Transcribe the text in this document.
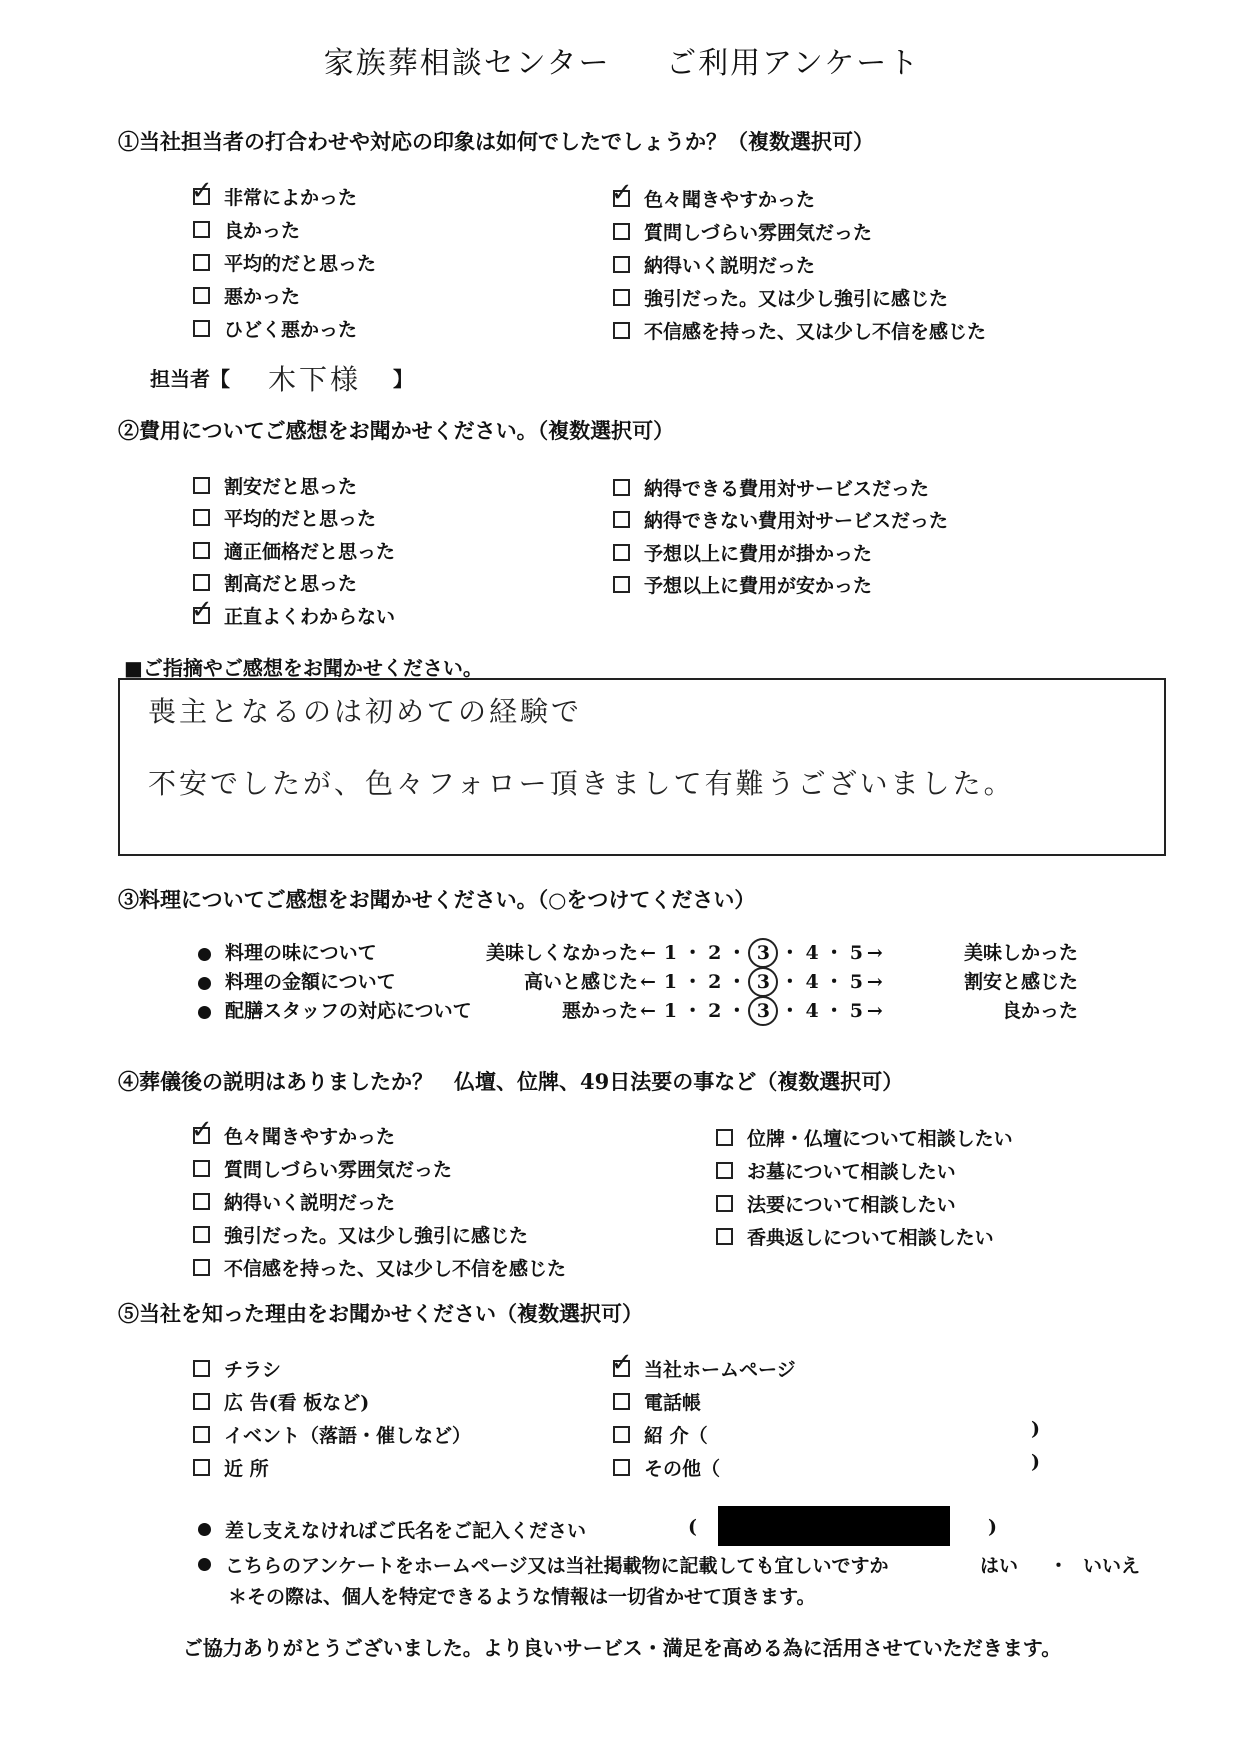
家族葬相談センター ご利用アンケート
①当社担当者の打合わせや対応の印象は如何でしたでしょうか？（複数選択可）
✓ 非常によかった
良かった
平均的だと思った
悪かった
ひどく悪かった
✓ 色々聞きやすかった
質問しづらい雰囲気だった
納得いく説明だった
強引だった。又は少し強引に感じた
不信感を持った、又は少し不信を感じた
担当者【 木下様 】
②費用についてご感想をお聞かせください。（複数選択可）
割安だと思った
平均的だと思った
適正価格だと思った
割高だと思った
✓ 正直よくわからない
納得できる費用対サービスだった
納得できない費用対サービスだった
予想以上に費用が掛かった
予想以上に費用が安かった
■ご指摘やご感想をお聞かせください。
喪主となるのは初めての経験で
不安でしたが、色々フォロー頂きまして有難うございました。
③料理についてご感想をお聞かせください。（○をつけてください）
料理の味について	美味しくなかった ← 1 ・ 2 ・ 3 ・ 4 ・ 5 →	美味しかった
料理の金額について	高いと感じた ← 1 ・ 2 ・ 3 ・ 4 ・ 5 →	割安と感じた
配膳スタッフの対応について	悪かった ← 1 ・ 2 ・ 3 ・ 4 ・ 5 →	良かった
④葬儀後の説明はありましたか？　仏壇、位牌、49日法要の事など（複数選択可）
✓ 色々聞きやすかった
質問しづらい雰囲気だった
納得いく説明だった
強引だった。又は少し強引に感じた
不信感を持った、又は少し不信を感じた
位牌・仏壇について相談したい
お墓について相談したい
法要について相談したい
香典返しについて相談したい
⑤当社を知った理由をお聞かせください（複数選択可）
チラシ
広 告(看 板など)
イベント（落語・催しなど）
近 所
✓ 当社ホームページ
電話帳
紹 介（
その他（
)
)
差し支えなければご氏名をご記入ください	(	)
こちらのアンケートをホームページ又は当社掲載物に記載しても宜しいですか	はい ・ いいえ
＊その際は、個人を特定できるような情報は一切省かせて頂きます。
ご協力ありがとうございました。より良いサービス・満足を高める為に活用させていただきます。
